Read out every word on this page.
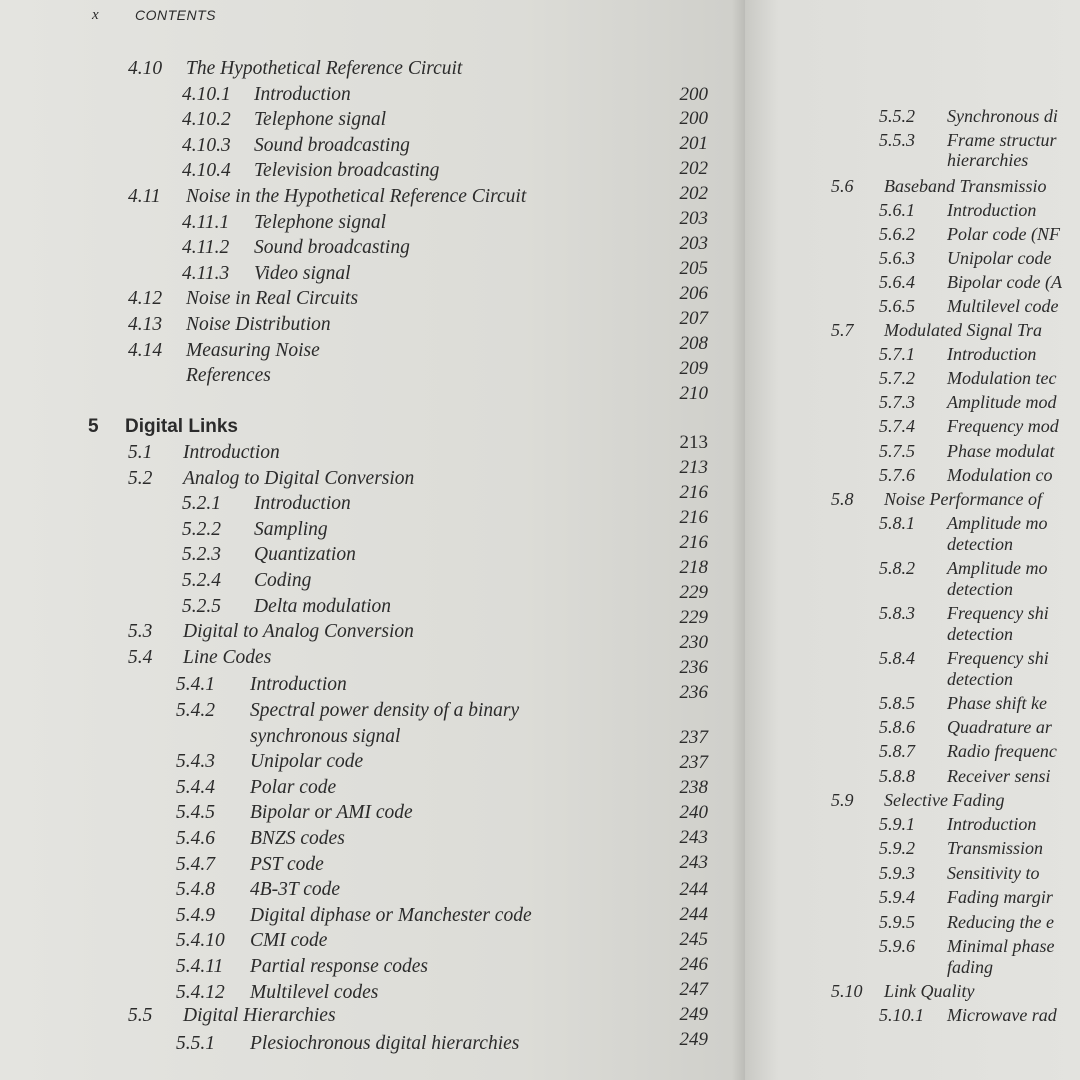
x	CONTENTS
4.10 The Hypothetical Reference Circuit
4.10.1 Introduction
4.10.2 Telephone signal
4.10.3 Sound broadcasting
4.10.4 Television broadcasting
4.11 Noise in the Hypothetical Reference Circuit
4.11.1 Telephone signal
4.11.2 Sound broadcasting
4.11.3 Video signal
4.12 Noise in Real Circuits
4.13 Noise Distribution
4.14 Measuring Noise
References
5 Digital Links
5.1 Introduction
5.2 Analog to Digital Conversion
5.2.1 Introduction
5.2.2 Sampling
5.2.3 Quantization
5.2.4 Coding
5.2.5 Delta modulation
5.3 Digital to Analog Conversion
5.4 Line Codes
5.4.1 Introduction
5.4.2 Spectral power density of a binary
synchronous signal
5.4.3 Unipolar code
5.4.4 Polar code
5.4.5 Bipolar or AMI code
5.4.6 BNZS codes
5.4.7 PST code
5.4.8 4B-3T code
5.4.9 Digital diphase or Manchester code
5.4.10 CMI code
5.4.11 Partial response codes
5.4.12 Multilevel codes
5.5 Digital Hierarchies
5.5.1 Plesiochronous digital hierarchies
200
200
201
202
202
203
203
205
206
207
208
209
210
213
213
216
216
216
218
229
229
230
236
236
237
237
238
240
243
243
244
244
245
246
247
249
249
5.5.2 Synchronous di
5.5.3 Frame structur
hierarchies
5.6 Baseband Transmissio
5.6.1 Introduction
5.6.2 Polar code (NF
5.6.3 Unipolar code
5.6.4 Bipolar code (A
5.6.5 Multilevel code
5.7 Modulated Signal Tra
5.7.1 Introduction
5.7.2 Modulation tec
5.7.3 Amplitude mod
5.7.4 Frequency mod
5.7.5 Phase modulat
5.7.6 Modulation co
5.8 Noise Performance of
5.8.1 Amplitude mo
detection
5.8.2 Amplitude mo
detection
5.8.3 Frequency shi
detection
5.8.4 Frequency shi
detection
5.8.5 Phase shift ke
5.8.6 Quadrature ar
5.8.7 Radio frequenc
5.8.8 Receiver sensi
5.9 Selective Fading
5.9.1 Introduction
5.9.2 Transmission
5.9.3 Sensitivity to
5.9.4 Fading margir
5.9.5 Reducing the e
5.9.6 Minimal phase
fading
5.10 Link Quality
5.10.1 Microwave rad
